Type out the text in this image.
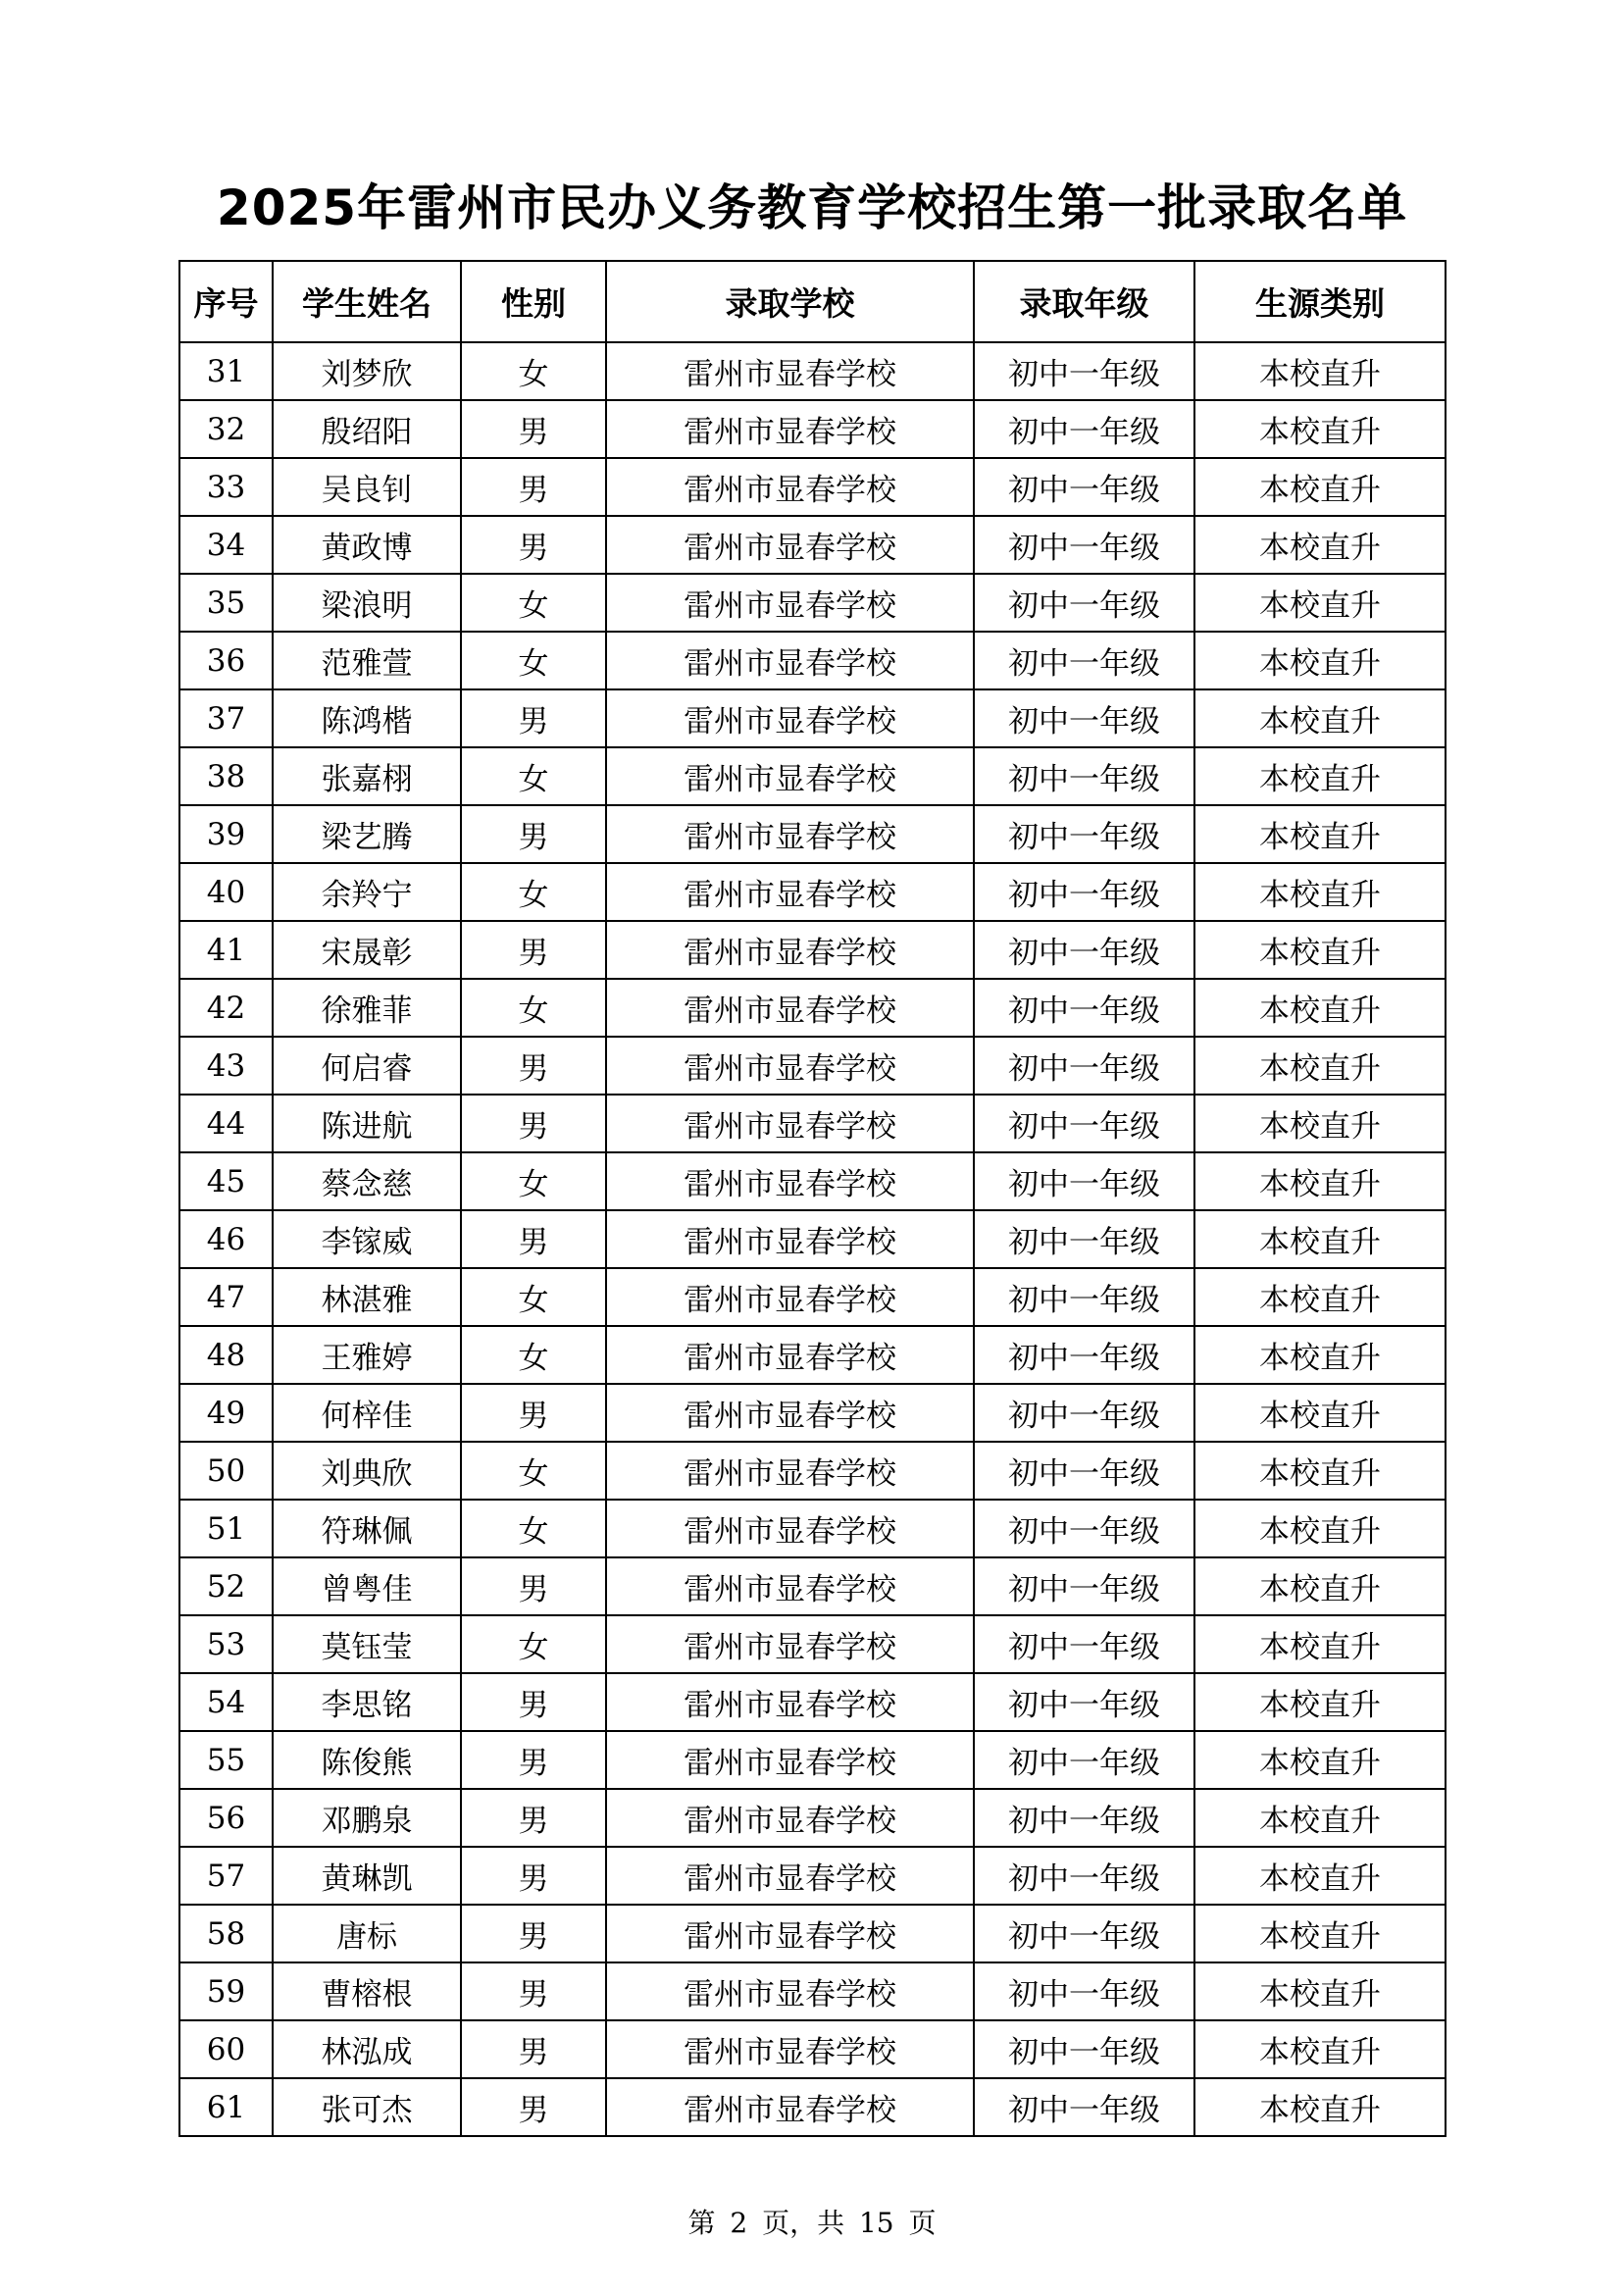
2025年雷州市民办义务教育学校招生第一批录取名单
序号	学生姓名	性别	录取学校	录取年级	生源类别
31	刘梦欣	女	雷州市显春学校	初中一年级	本校直升
32	殷绍阳	男	雷州市显春学校	初中一年级	本校直升
33	吴良钊	男	雷州市显春学校	初中一年级	本校直升
34	黄政博	男	雷州市显春学校	初中一年级	本校直升
35	梁浪明	女	雷州市显春学校	初中一年级	本校直升
36	范雅萱	女	雷州市显春学校	初中一年级	本校直升
37	陈鸿楷	男	雷州市显春学校	初中一年级	本校直升
38	张嘉栩	女	雷州市显春学校	初中一年级	本校直升
39	梁艺腾	男	雷州市显春学校	初中一年级	本校直升
40	余羚宁	女	雷州市显春学校	初中一年级	本校直升
41	宋晟彰	男	雷州市显春学校	初中一年级	本校直升
42	徐雅菲	女	雷州市显春学校	初中一年级	本校直升
43	何启睿	男	雷州市显春学校	初中一年级	本校直升
44	陈进航	男	雷州市显春学校	初中一年级	本校直升
45	蔡念慈	女	雷州市显春学校	初中一年级	本校直升
46	李镓威	男	雷州市显春学校	初中一年级	本校直升
47	林湛雅	女	雷州市显春学校	初中一年级	本校直升
48	王雅婷	女	雷州市显春学校	初中一年级	本校直升
49	何梓佳	男	雷州市显春学校	初中一年级	本校直升
50	刘典欣	女	雷州市显春学校	初中一年级	本校直升
51	符琳佩	女	雷州市显春学校	初中一年级	本校直升
52	曾粤佳	男	雷州市显春学校	初中一年级	本校直升
53	莫钰莹	女	雷州市显春学校	初中一年级	本校直升
54	李思铭	男	雷州市显春学校	初中一年级	本校直升
55	陈俊熊	男	雷州市显春学校	初中一年级	本校直升
56	邓鹏泉	男	雷州市显春学校	初中一年级	本校直升
57	黄琳凯	男	雷州市显春学校	初中一年级	本校直升
58	唐标	男	雷州市显春学校	初中一年级	本校直升
59	曹榕根	男	雷州市显春学校	初中一年级	本校直升
60	林泓成	男	雷州市显春学校	初中一年级	本校直升
61	张可杰	男	雷州市显春学校	初中一年级	本校直升
第 2 页，共 15 页
